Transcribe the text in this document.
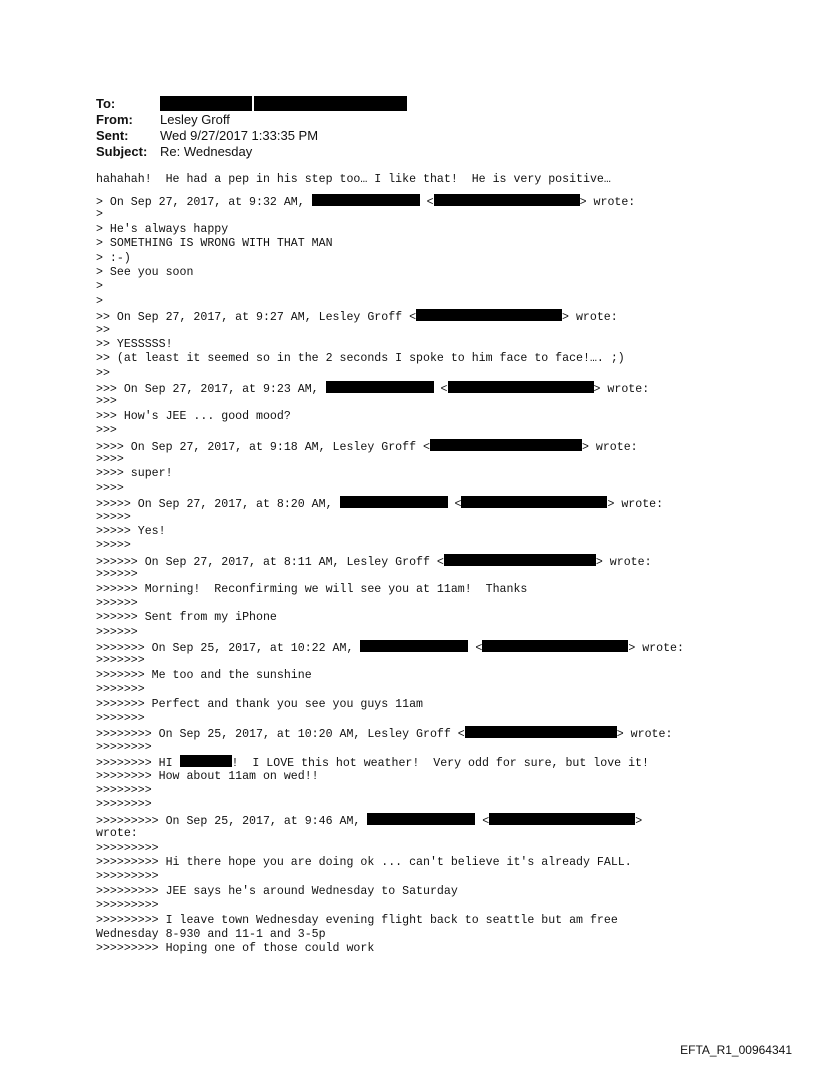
To:
From:	Lesley Groff
Sent:	Wed 9/27/2017 1:33:35 PM
Subject: Re: Wednesday
hahahah!  He had a pep in his step too… I like that!  He is very positive…
> On Sep 27, 2017, at 9:32 AM,	<	> wrote:
>
> He's always happy
> SOMETHING IS WRONG WITH THAT MAN
> :-)
> See you soon
>
>
>> On Sep 27, 2017, at 9:27 AM, Lesley Groff <	> wrote:
>>
>> YESSSSS!
>> (at least it seemed so in the 2 seconds I spoke to him face to face!…. ;)
>>
>>> On Sep 27, 2017, at 9:23 AM,	<	> wrote:
>>>
>>> How's JEE ... good mood?
>>>
>>>> On Sep 27, 2017, at 9:18 AM, Lesley Groff <	> wrote:
>>>>
>>>> super!
>>>>
>>>>> On Sep 27, 2017, at 8:20 AM,	<	> wrote:
>>>>>
>>>>> Yes!
>>>>>
>>>>>> On Sep 27, 2017, at 8:11 AM, Lesley Groff <	> wrote:
>>>>>>
>>>>>> Morning!  Reconfirming we will see you at 11am!  Thanks
>>>>>>
>>>>>> Sent from my iPhone
>>>>>>
>>>>>>> On Sep 25, 2017, at 10:22 AM,	<	> wrote:
>>>>>>>
>>>>>>> Me too and the sunshine
>>>>>>>
>>>>>>> Perfect and thank you see you guys 11am
>>>>>>>
>>>>>>>> On Sep 25, 2017, at 10:20 AM, Lesley Groff <	> wrote:
>>>>>>>>
>>>>>>>> HI	!  I LOVE this hot weather!  Very odd for sure, but love it!
>>>>>>>> How about 11am on wed!!
>>>>>>>>
>>>>>>>>
>>>>>>>>> On Sep 25, 2017, at 9:46 AM,	<	>
wrote:
>>>>>>>>>
>>>>>>>>> Hi there hope you are doing ok ... can't believe it's already FALL.
>>>>>>>>>
>>>>>>>>> JEE says he's around Wednesday to Saturday
>>>>>>>>>
>>>>>>>>> I leave town Wednesday evening flight back to seattle but am free
Wednesday 8-930 and 11-1 and 3-5p
>>>>>>>>> Hoping one of those could work
EFTA_R1_00964341
